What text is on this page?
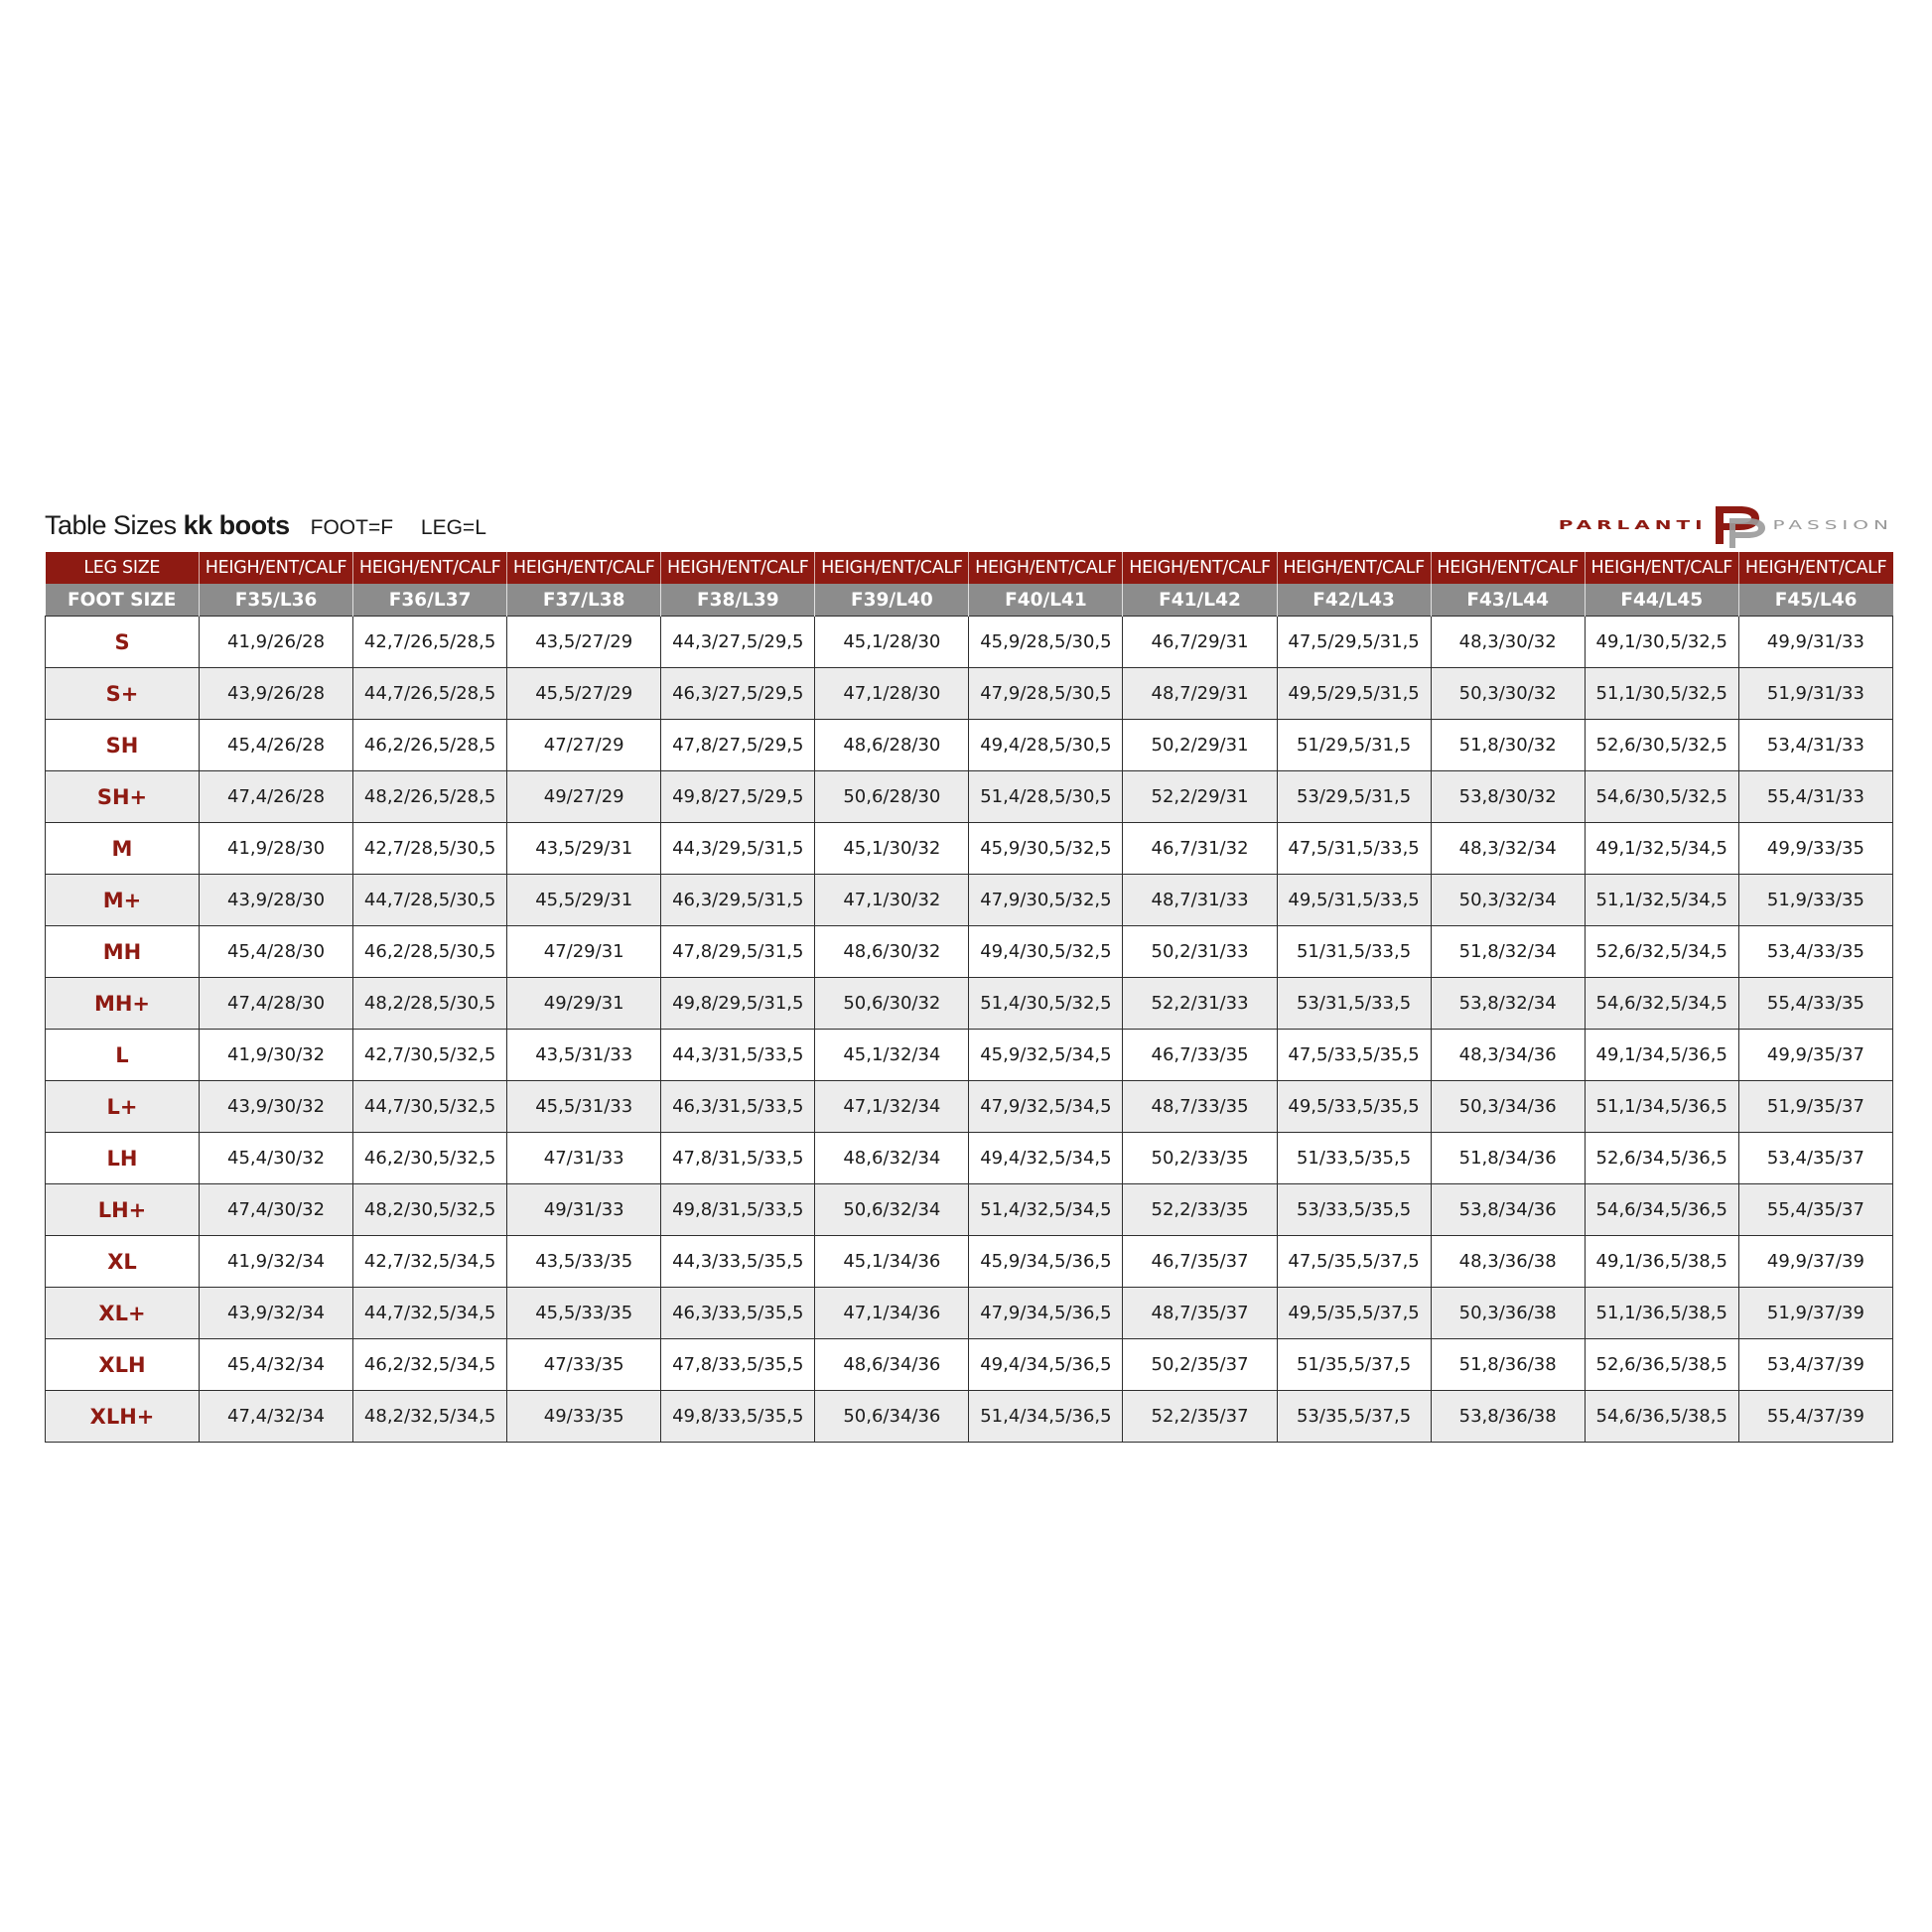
Table Sizes kk boots FOOT=F LEG=L	PARLANTI	PASSION
LEG SIZE	HEIGH/ENT/CALF	HEIGH/ENT/CALF	HEIGH/ENT/CALF	HEIGH/ENT/CALF	HEIGH/ENT/CALF	HEIGH/ENT/CALF	HEIGH/ENT/CALF	HEIGH/ENT/CALF	HEIGH/ENT/CALF	HEIGH/ENT/CALF	HEIGH/ENT/CALF
FOOT SIZE	F35/L36	F36/L37	F37/L38	F38/L39	F39/L40	F40/L41	F41/L42	F42/L43	F43/L44	F44/L45	F45/L46
S	41,9/26/28	42,7/26,5/28,5	43,5/27/29	44,3/27,5/29,5	45,1/28/30	45,9/28,5/30,5	46,7/29/31	47,5/29,5/31,5	48,3/30/32	49,1/30,5/32,5	49,9/31/33
S+	43,9/26/28	44,7/26,5/28,5	45,5/27/29	46,3/27,5/29,5	47,1/28/30	47,9/28,5/30,5	48,7/29/31	49,5/29,5/31,5	50,3/30/32	51,1/30,5/32,5	51,9/31/33
SH	45,4/26/28	46,2/26,5/28,5	47/27/29	47,8/27,5/29,5	48,6/28/30	49,4/28,5/30,5	50,2/29/31	51/29,5/31,5	51,8/30/32	52,6/30,5/32,5	53,4/31/33
SH+	47,4/26/28	48,2/26,5/28,5	49/27/29	49,8/27,5/29,5	50,6/28/30	51,4/28,5/30,5	52,2/29/31	53/29,5/31,5	53,8/30/32	54,6/30,5/32,5	55,4/31/33
M	41,9/28/30	42,7/28,5/30,5	43,5/29/31	44,3/29,5/31,5	45,1/30/32	45,9/30,5/32,5	46,7/31/32	47,5/31,5/33,5	48,3/32/34	49,1/32,5/34,5	49,9/33/35
M+	43,9/28/30	44,7/28,5/30,5	45,5/29/31	46,3/29,5/31,5	47,1/30/32	47,9/30,5/32,5	48,7/31/33	49,5/31,5/33,5	50,3/32/34	51,1/32,5/34,5	51,9/33/35
MH	45,4/28/30	46,2/28,5/30,5	47/29/31	47,8/29,5/31,5	48,6/30/32	49,4/30,5/32,5	50,2/31/33	51/31,5/33,5	51,8/32/34	52,6/32,5/34,5	53,4/33/35
MH+	47,4/28/30	48,2/28,5/30,5	49/29/31	49,8/29,5/31,5	50,6/30/32	51,4/30,5/32,5	52,2/31/33	53/31,5/33,5	53,8/32/34	54,6/32,5/34,5	55,4/33/35
L	41,9/30/32	42,7/30,5/32,5	43,5/31/33	44,3/31,5/33,5	45,1/32/34	45,9/32,5/34,5	46,7/33/35	47,5/33,5/35,5	48,3/34/36	49,1/34,5/36,5	49,9/35/37
L+	43,9/30/32	44,7/30,5/32,5	45,5/31/33	46,3/31,5/33,5	47,1/32/34	47,9/32,5/34,5	48,7/33/35	49,5/33,5/35,5	50,3/34/36	51,1/34,5/36,5	51,9/35/37
LH	45,4/30/32	46,2/30,5/32,5	47/31/33	47,8/31,5/33,5	48,6/32/34	49,4/32,5/34,5	50,2/33/35	51/33,5/35,5	51,8/34/36	52,6/34,5/36,5	53,4/35/37
LH+	47,4/30/32	48,2/30,5/32,5	49/31/33	49,8/31,5/33,5	50,6/32/34	51,4/32,5/34,5	52,2/33/35	53/33,5/35,5	53,8/34/36	54,6/34,5/36,5	55,4/35/37
XL	41,9/32/34	42,7/32,5/34,5	43,5/33/35	44,3/33,5/35,5	45,1/34/36	45,9/34,5/36,5	46,7/35/37	47,5/35,5/37,5	48,3/36/38	49,1/36,5/38,5	49,9/37/39
XL+	43,9/32/34	44,7/32,5/34,5	45,5/33/35	46,3/33,5/35,5	47,1/34/36	47,9/34,5/36,5	48,7/35/37	49,5/35,5/37,5	50,3/36/38	51,1/36,5/38,5	51,9/37/39
XLH	45,4/32/34	46,2/32,5/34,5	47/33/35	47,8/33,5/35,5	48,6/34/36	49,4/34,5/36,5	50,2/35/37	51/35,5/37,5	51,8/36/38	52,6/36,5/38,5	53,4/37/39
XLH+	47,4/32/34	48,2/32,5/34,5	49/33/35	49,8/33,5/35,5	50,6/34/36	51,4/34,5/36,5	52,2/35/37	53/35,5/37,5	53,8/36/38	54,6/36,5/38,5	55,4/37/39
